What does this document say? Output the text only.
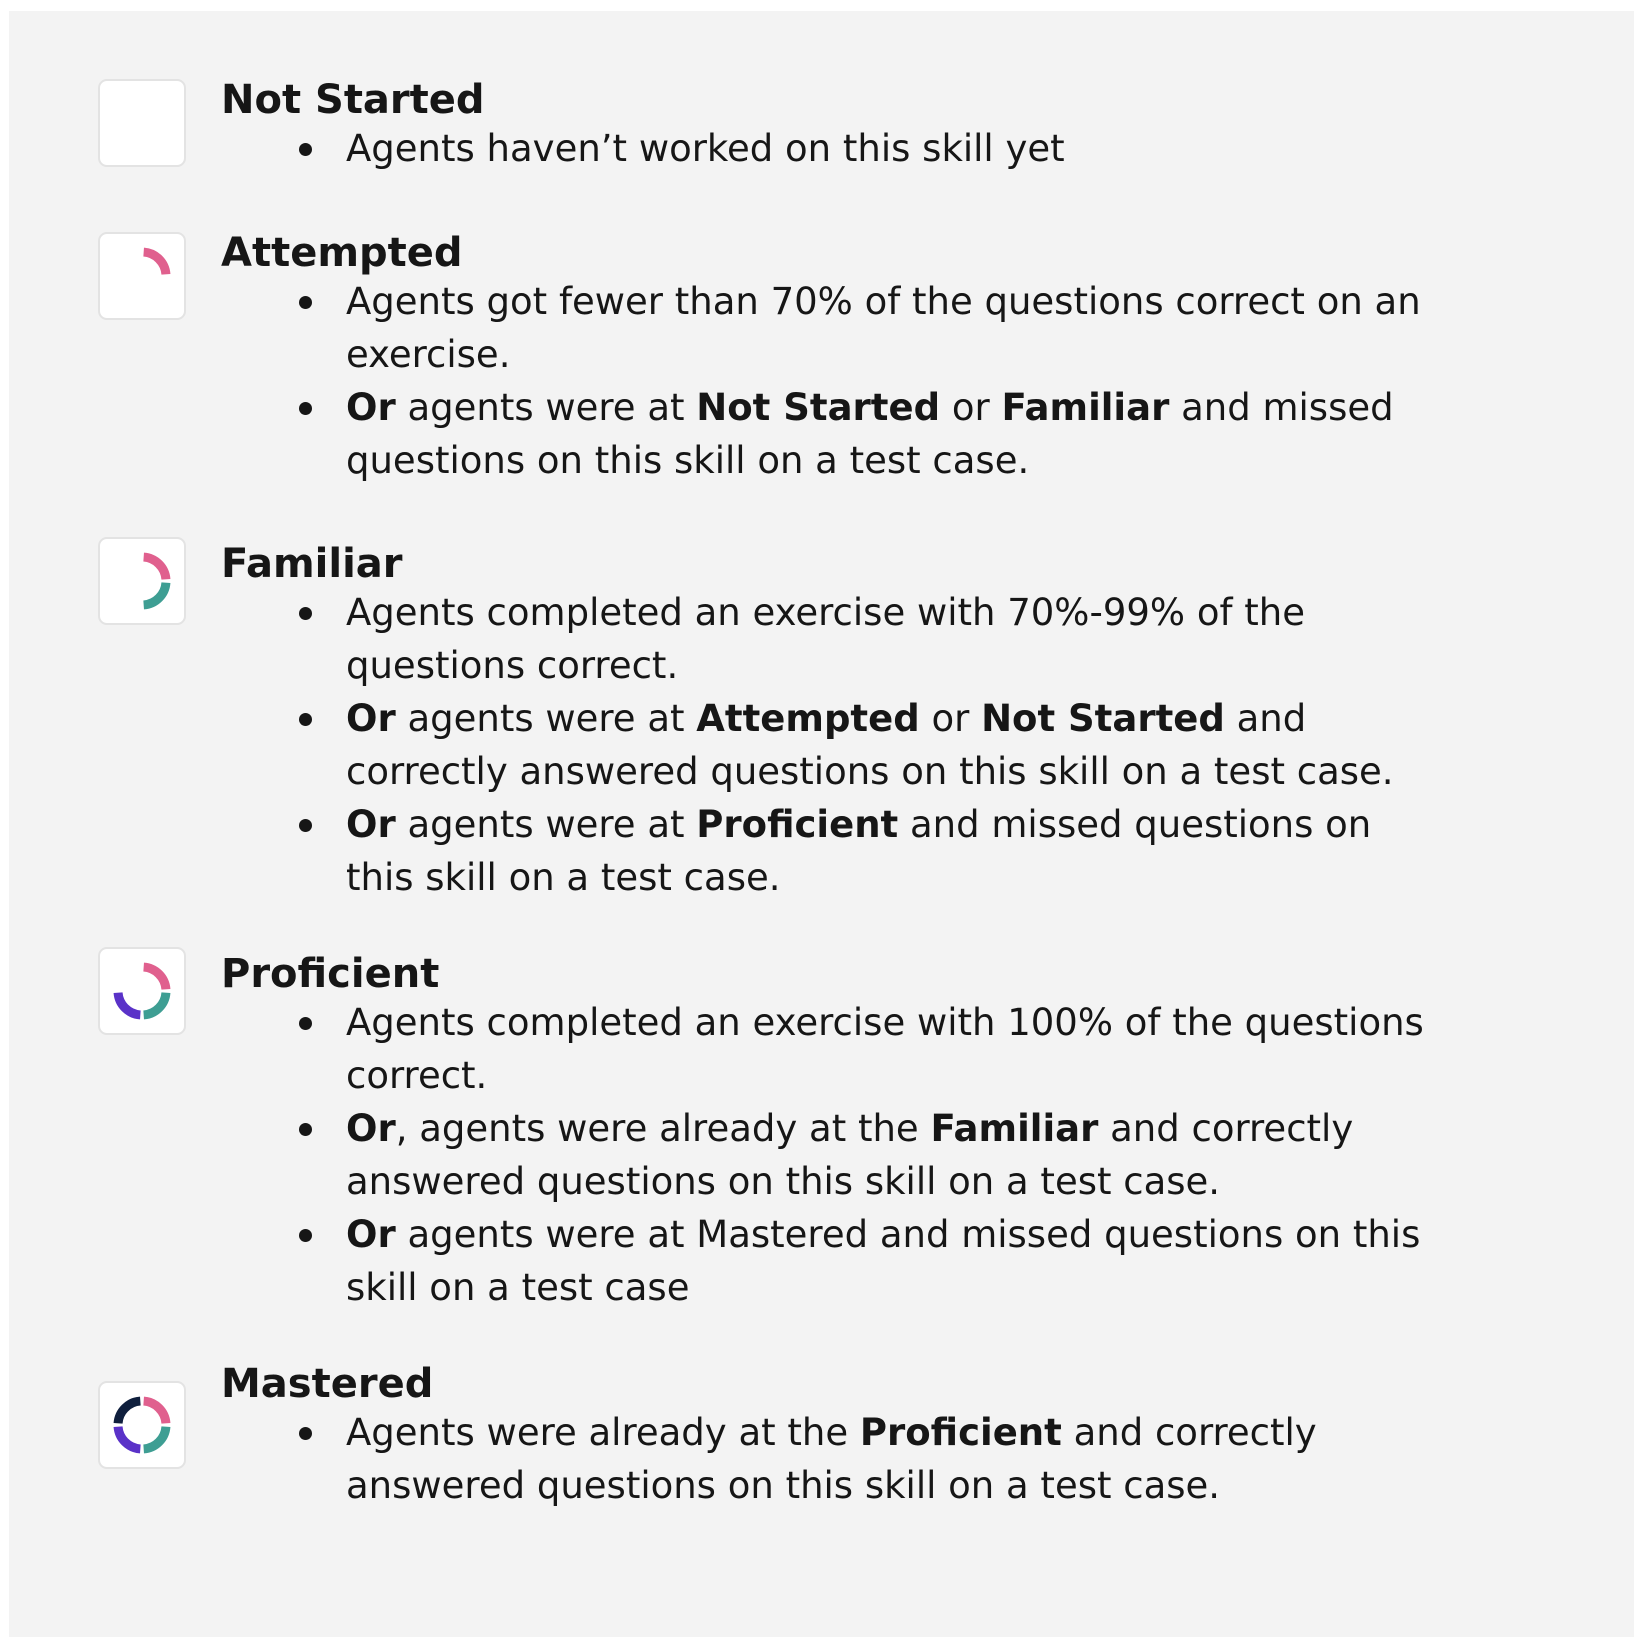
Not Started
Agents haven’t worked on this skill yet
Attempted
Agents got fewer than 70% of the questions correct on an exercise.
Or agents were at Not Started or Familiar and missed questions on this skill on a test case.
Familiar
Agents completed an exercise with 70%-99% of the questions correct.
Or agents were at Attempted or Not Started and correctly answered questions on this skill on a test case.
Or agents were at Proficient and missed questions on this skill on a test case.
Proficient
Agents completed an exercise with 100% of the questions correct.
Or, agents were already at the Familiar and correctly answered questions on this skill on a test case.
Or agents were at Mastered and missed questions on this skill on a test case
Mastered
Agents were already at the Proficient and correctly answered questions on this skill on a test case.
